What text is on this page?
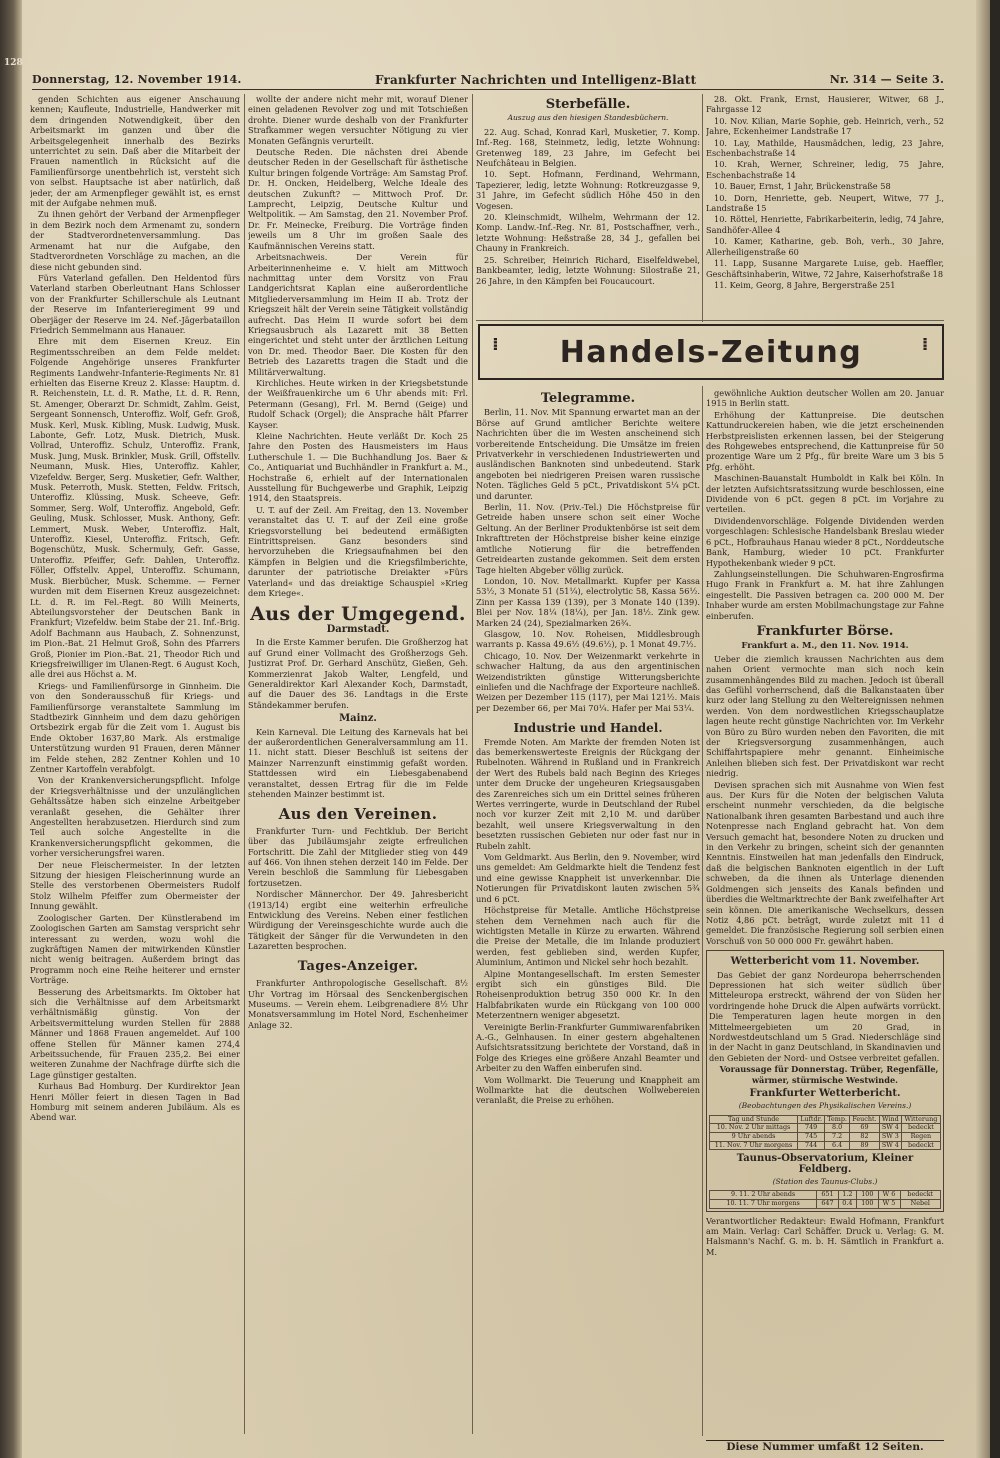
128
Donnerstag, 12. November 1914.	Frankfurter Nachrichten und Intelligenz-Blatt	Nr. 314 — Seite 3.

genden Schichten aus eigener Anschauung kennen; Kaufleute, Industrielle, Handwerker mit dem dringenden Notwendigkeit, über den Arbeitsmarkt im ganzen und über die Arbeitsgelegenheit innerhalb des Bezirks unterrichtet zu sein. Daß aber die Mitarbeit der Frauen namentlich in Rücksicht auf die Familienfürsorge unentbehrlich ist, versteht sich von selbst. Hauptsache ist aber natürlich, daß jeder, der am Armenpfleger gewählt ist, es ernst mit der Aufgabe nehmen muß.

Zu ihnen gehört der Verband der Armenpfleger in dem Bezirk noch dem Armenamt zu, sondern der Stadtverordnetenversammlung. Das Armenamt hat nur die Aufgabe, den Stadtverordneten Vorschläge zu machen, an die diese nicht gebunden sind.

Fürs Vaterland gefallen. Den Heldentod fürs Vaterland starben Oberleutnant Hans Schlosser von der Frankfurter Schillerschule als Leutnant der Reserve im Infanterieregiment 99 und Oberjäger der Reserve im 24. Nef.-Jägerbataillon Friedrich Semmelmann aus Hanauer.

Ehre mit dem Eisernen Kreuz. Ein Regimentsschreiben an dem Felde meldet: Folgende Angehörige unseres Frankfurter Regiments Landwehr-Infanterie-Regiments Nr. 81 erhielten das Eiserne Kreuz 2. Klasse: Hauptm. d. R. Reichenstein, Lt. d. R. Mathe, Lt. d. R. Renn, St. Amenger, Oberarzt Dr. Schmidt, Zahlm. Geist, Sergeant Sonnensch, Unteroffiz. Wolf, Gefr. Groß, Musk. Kerl, Musk. Kibling, Musk. Ludwig, Musk. Labonte, Gefr. Lotz, Musk. Dietrich, Musk. Vollrad, Unteroffiz. Schulz, Unteroffiz. Frank, Musk. Jung, Musk. Brinkler, Musk. Grill, Offstellv. Neumann, Musk. Hies, Unteroffiz. Kahler, Vizefeldw. Berger, Serg. Musketier, Gefr. Walther, Musk. Peterroth, Musk. Stetten, Feldw. Fritsch, Unteroffiz. Klüssing, Musk. Scheeve, Gefr. Sommer, Serg. Wolf, Unteroffiz. Angebold, Gefr. Geuling, Musk. Schlosser, Musk. Anthony, Gefr. Lemmert, Musk. Weber, Unteroffiz. Halt, Unteroffiz. Kiesel, Unteroffiz. Fritsch, Gefr. Bogenschütz, Musk. Schermuly, Gefr. Gasse, Unteroffiz. Pfeiffer, Gefr. Dahlen, Unteroffiz. Föller, Offstellv. Appel, Unteroffiz. Schumann, Musk. Bierbücher, Musk. Schemme. — Ferner wurden mit dem Eisernen Kreuz ausgezeichnet: Lt. d. R. im Fel.-Regt. 80 Willi Meinerts, Abteilungsvorsteher der Deutschen Bank in Frankfurt; Vizefeldw. beim Stabe der 21. Inf.-Brig. Adolf Bachmann aus Haubach, Z. Sohnenzunst, im Pion.-Bat. 21 Helmut Groß, Sohn des Pfarrers Groß, Pionier im Pion.-Bat. 21, Theodor Rich und Kriegsfreiwilliger im Ulanen-Regt. 6 August Koch, alle drei aus Höchst a. M.

Kriegs- und Familienfürsorge in Ginnheim. Die von den Sonderausschuß für Kriegs- und Familienfürsorge veranstaltete Sammlung im Stadtbezirk Ginnheim und dem dazu gehörigen Ortsbezirk ergab für die Zeit vom 1. August bis Ende Oktober 1637,80 Mark. Als erstmalige Unterstützung wurden 91 Frauen, deren Männer im Felde stehen, 282 Zentner Kohlen und 10 Zentner Kartoffeln verabfolgt.

Von der Krankenversicherungspflicht. Infolge der Kriegsverhältnisse und der unzulänglichen Gehältssätze haben sich einzelne Arbeitgeber veranlaßt gesehen, die Gehälter ihrer Angestellten herabzusetzen. Hierdurch sind zum Teil auch solche Angestellte in die Krankenversicherungspflicht gekommen, die vorher versicherungsfrei waren.

Der neue Fleischermeister. In der letzten Sitzung der hiesigen Fleischerinnung wurde an Stelle des verstorbenen Obermeisters Rudolf Stolz Wilhelm Pfeiffer zum Obermeister der Innung gewählt.

Zoologischer Garten. Der Künstlerabend im Zoologischen Garten am Samstag verspricht sehr interessant zu werden, wozu wohl die zugkräftigen Namen der mitwirkenden Künstler nicht wenig beitragen. Außerdem bringt das Programm noch eine Reihe heiterer und ernster Vorträge.

Besserung des Arbeitsmarkts. Im Oktober hat sich die Verhältnisse auf dem Arbeitsmarkt verhältnismäßig günstig. Von der Arbeitsvermittelung wurden Stellen für 2888 Männer und 1868 Frauen angemeldet. Auf 100 offene Stellen für Männer kamen 274,4 Arbeitssuchende, für Frauen 235,2. Bei einer weiteren Zunahme der Nachfrage dürfte sich die Lage günstiger gestalten.

Kurhaus Bad Homburg. Der Kurdirektor Jean Henri Möller feiert in diesen Tagen in Bad Homburg mit seinem anderen Jubiläum. Als es Abend war.

wollte der andere nicht mehr mit, worauf Diener einen geladenen Revolver zog und mit Totschießen drohte. Diener wurde deshalb von der Frankfurter Strafkammer wegen versuchter Nötigung zu vier Monaten Gefängnis verurteilt.

Deutsche Reden. Die nächsten drei Abende deutscher Reden in der Gesellschaft für ästhetische Kultur bringen folgende Vorträge: Am Samstag Prof. Dr. H. Oncken, Heidelberg, Welche Ideale des deutschen Zukunft? — Mittwoch Prof. Dr. Lamprecht, Leipzig, Deutsche Kultur und Weltpolitik. — Am Samstag, den 21. November Prof. Dr. Fr. Meinecke, Freiburg. Die Vorträge finden jeweils um 8 Uhr im großen Saale des Kaufmännischen Vereins statt.

Arbeitsnachweis. Der Verein für Arbeiterinnenheime e. V. hielt am Mittwoch nachmittag unter dem Vorsitz von Frau Landgerichtsrat Kaplan eine außerordentliche Mitgliederversammlung im Heim II ab. Trotz der Kriegszeit hält der Verein seine Tätigkeit vollständig aufrecht. Das Heim II wurde sofort bei dem Kriegsausbruch als Lazarett mit 38 Betten eingerichtet und steht unter der ärztlichen Leitung von Dr. med. Theodor Baer. Die Kosten für den Betrieb des Lazaretts tragen die Stadt und die Militärverwaltung.

Kirchliches. Heute wirken in der Kriegsbetstunde der Weißfrauenkirche um 6 Uhr abends mit: Frl. Petermann (Gesang), Frl. M. Bernd (Geige) und Rudolf Schack (Orgel); die Ansprache hält Pfarrer Kayser.

Kleine Nachrichten. Heute verläßt Dr. Koch 25 Jahre den Posten des Hausmeisters im Haus Lutherschule 1. — Die Buchhandlung Jos. Baer & Co., Antiquariat und Buchhändler in Frankfurt a. M., Hochstraße 6, erhielt auf der Internationalen Ausstellung für Buchgewerbe und Graphik, Leipzig 1914, den Staatspreis.

U. T. auf der Zeil. Am Freitag, den 13. November veranstaltet das U. T. auf der Zeil eine große Kriegsvorstellung bei bedeutend ermäßigten Eintrittspreisen. Ganz besonders sind hervorzuheben die Kriegsaufnahmen bei den Kämpfen in Belgien und die Kriegsfilmberichte, darunter der patriotische Dreiakter »Fürs Vaterland« und das dreiaktige Schauspiel »Krieg dem Kriege«.

Aus der Umgegend.
Darmstadt.

In die Erste Kammer berufen. Die Großherzog hat auf Grund einer Vollmacht des Großherzogs Geh. Justizrat Prof. Dr. Gerhard Anschütz, Gießen, Geh. Kommerzienrat Jakob Walter, Lengfeld, und Generaldirektor Karl Alexander Koch, Darmstadt, auf die Dauer des 36. Landtags in die Erste Ständekammer berufen.

Mainz.

Kein Karneval. Die Leitung des Karnevals hat bei der außerordentlichen Generalversammlung am 11. 11. nicht statt. Dieser Beschluß ist seitens der Mainzer Narrenzunft einstimmig gefaßt worden. Stattdessen wird ein Liebesgabenabend veranstaltet, dessen Ertrag für die im Felde stehenden Mainzer bestimmt ist.

Aus den Vereinen.

Frankfurter Turn- und Fechtklub. Der Bericht über das Jubiläumsjahr zeigte erfreulichen Fortschritt. Die Zahl der Mitglieder stieg von 449 auf 466. Von ihnen stehen derzeit 140 im Felde. Der Verein beschloß die Sammlung für Liebesgaben fortzusetzen.

Nordischer Männerchor. Der 49. Jahresbericht (1913/14) ergibt eine weiterhin erfreuliche Entwicklung des Vereins. Neben einer festlichen Würdigung der Vereinsgeschichte wurde auch die Tätigkeit der Sänger für die Verwundeten in den Lazaretten besprochen.

Tages-Anzeiger.

Frankfurter Anthropologische Gesellschaft. 8½ Uhr Vortrag im Hörsaal des Senckenbergischen Museums. — Verein ehem. Leibgrenadiere 8½ Uhr Monatsversammlung im Hotel Nord, Eschenheimer Anlage 32.

Sterbefälle.
Auszug aus den hiesigen Standesbüchern.

22. Aug. Schad, Konrad Karl, Musketier, 7. Komp. Inf.-Reg. 168, Steinmetz, ledig, letzte Wohnung: Gretenweg 189, 23 Jahre, im Gefecht bei Neufchâteau in Belgien.

10. Sept. Hofmann, Ferdinand, Wehrmann, Tapezierer, ledig, letzte Wohnung: Rotkreuzgasse 9, 31 Jahre, im Gefecht südlich Höhe 450 in den Vogesen.

20. Kleinschmidt, Wilhelm, Wehrmann der 12. Komp. Landw.-Inf.-Reg. Nr. 81, Postschaffner, verh., letzte Wohnung: Heßstraße 28, 34 J., gefallen bei Chauny in Frankreich.

25. Schreiber, Heinrich Richard, Eiselfeldwebel, Bankbeamter, ledig, letzte Wohnung: Silostraße 21, 26 Jahre, in den Kämpfen bei Foucaucourt.

28. Okt. Frank, Ernst, Hausierer, Witwer, 68 J., Fahrgasse 12

10. Nov. Kilian, Marie Sophie, geb. Heinrich, verh., 52 Jahre, Eckenheimer Landstraße 17

10. Lay, Mathilde, Hausmädchen, ledig, 23 Jahre, Eschenbachstraße 14

10. Krah, Werner, Schreiner, ledig, 75 Jahre, Eschenbachstraße 14

10. Bauer, Ernst, 1 Jahr, Brückenstraße 58

10. Dorn, Henriette, geb. Neupert, Witwe, 77 J., Landstraße 15

10. Röttel, Henriette, Fabrikarbeiterin, ledig, 74 Jahre, Sandhöfer-Allee 4

10. Kamer, Katharine, geb. Boh, verh., 30 Jahre, Allerheiligenstraße 60

11. Lapp, Susanne Margarete Luise, geb. Haeffler, Geschäftsinhaberin, Witwe, 72 Jahre, Kaiserhofstraße 18

11. Keim, Georg, 8 Jahre, Bergerstraße 251

⁞ Handels-Zeitung	⁞
Telegramme.

Berlin, 11. Nov. Mit Spannung erwartet man an der Börse auf Grund amtlicher Berichte weitere Nachrichten über die im Westen anscheinend sich vorbereitende Entscheidung. Die Umsätze im freien Privatverkehr in verschiedenen Industriewerten und ausländischen Banknoten sind unbedeutend. Stark angeboten bei niedrigeren Preisen waren russische Noten. Tägliches Geld 5 pCt., Privatdiskont 5¼ pCt. und darunter.

Berlin, 11. Nov. (Priv.-Tel.) Die Höchstpreise für Getreide haben unsere schon seit einer Woche Geltung. An der Berliner Produktenbörse ist seit dem Inkrafttreten der Höchstpreise bisher keine einzige amtliche Notierung für die betreffenden Getreidearten zustande gekommen. Seit dem ersten Tage hielten Abgeber völlig zurück.

London, 10. Nov. Metallmarkt. Kupfer per Kassa 53½, 3 Monate 51 (51¼), electrolytic 58, Kassa 56½. Zinn per Kassa 139 (139), per 3 Monate 140 (139). Blei per Nov. 18¼ (18¼), per Jan. 18½. Zink gew. Marken 24 (24), Spezialmarken 26¾.

Glasgow, 10. Nov. Roheisen, Middlesbrough warrants p. Kassa 49.6½ (49.6½), p. 1 Monat 49.7½.

Chicago, 10. Nov. Der Weizenmarkt verkehrte in schwacher Haltung, da aus den argentinischen Weizendistrikten günstige Witterungsberichte einliefen und die Nachfrage der Exporteure nachließ. Weizen per Dezember 115 (117), per Mai 121½. Mais per Dezember 66, per Mai 70¼. Hafer per Mai 53¼.

Industrie und Handel.

Fremde Noten. Am Markte der fremden Noten ist das bemerkenswerteste Ereignis der Rückgang der Rubelnoten. Während in Rußland und in Frankreich der Wert des Rubels bald nach Beginn des Krieges unter dem Drucke der ungeheuren Kriegsausgaben des Zarenreiches sich um ein Drittel seines früheren Wertes verringerte, wurde in Deutschland der Rubel noch vor kurzer Zeit mit 2,10 M. und darüber bezahlt, weil unsere Kriegsverwaltung in den besetzten russischen Gebieten nur oder fast nur in Rubeln zahlt.

Vom Geldmarkt. Aus Berlin, den 9. November, wird uns gemeldet: Am Geldmarkte hielt die Tendenz fest und eine gewisse Knappheit ist unverkennbar. Die Notierungen für Privatdiskont lauten zwischen 5¾ und 6 pCt.

Höchstpreise für Metalle. Amtliche Höchstpreise stehen dem Vernehmen nach auch für die wichtigsten Metalle in Kürze zu erwarten. Während die Preise der Metalle, die im Inlande produziert werden, fest geblieben sind, werden Kupfer, Aluminium, Antimon und Nickel sehr hoch bezahlt.

Alpine Montangesellschaft. Im ersten Semester ergibt sich ein günstiges Bild. Die Roheisenproduktion betrug 350 000 Kr. In den Halbfabrikaten wurde ein Rückgang von 100 000 Meterzentnern weniger abgesetzt.

Vereinigte Berlin-Frankfurter Gummiwarenfabriken A.-G., Gelnhausen. In einer gestern abgehaltenen Aufsichtsratssitzung berichtete der Vorstand, daß in Folge des Krieges eine größere Anzahl Beamter und Arbeiter zu den Waffen einberufen sind.

Vom Wollmarkt. Die Teuerung und Knappheit am Wollmarkte hat die deutschen Wollwebereien veranlaßt, die Preise zu erhöhen.

gewöhnliche Auktion deutscher Wollen am 20. Januar 1915 in Berlin statt.

Erhöhung der Kattunpreise. Die deutschen Kattundruckereien haben, wie die jetzt erscheinenden Herbstpreislisten erkennen lassen, bei der Steigerung des Rohgewebes entsprechend, die Kattunpreise für 50 prozentige Ware um 2 Pfg., für breite Ware um 3 bis 5 Pfg. erhöht.

Maschinen-Bauanstalt Humboldt in Kalk bei Köln. In der letzten Aufsichtsratssitzung wurde beschlossen, eine Dividende von 6 pCt. gegen 8 pCt. im Vorjahre zu verteilen.

Dividendenvorschläge. Folgende Dividenden werden vorgeschlagen: Schlesische Handelsbank Breslau wieder 6 pCt., Hofbrauhaus Hanau wieder 8 pCt., Norddeutsche Bank, Hamburg, wieder 10 pCt. Frankfurter Hypothekenbank wieder 9 pCt.

Zahlungseinstellungen. Die Schuhwaren-Engrosfirma Hugo Frank in Frankfurt a. M. hat ihre Zahlungen eingestellt. Die Passiven betragen ca. 200 000 M. Der Inhaber wurde am ersten Mobilmachungstage zur Fahne einberufen.

Frankfurter Börse.
Frankfurt a. M., den 11. Nov. 1914.

Ueber die ziemlich kraussen Nachrichten aus dem nahen Orient vermochte man sich noch kein zusammenhängendes Bild zu machen. Jedoch ist überall das Gefühl vorherrschend, daß die Balkanstaaten über kurz oder lang Stellung zu den Weltereignissen nehmen werden. Von dem nordwestlichen Kriegsschauplatze lagen heute recht günstige Nachrichten vor. Im Verkehr von Büro zu Büro wurden neben den Favoriten, die mit der Kriegsversorgung zusammenhängen, auch Schiffahrtspapiere mehr genannt. Einheimische Anleihen blieben sich fest. Der Privatdiskont war recht niedrig.

Devisen sprachen sich mit Ausnahme von Wien fest aus. Der Kurs für die Noten der belgischen Valuta erscheint nunmehr verschieden, da die belgische Nationalbank ihren gesamten Barbestand und auch ihre Notenpresse nach England gebracht hat. Von dem Versuch gemacht hat, besondere Noten zu drucken und in den Verkehr zu bringen, scheint sich der genannten Kenntnis. Einstweilen hat man jedenfalls den Eindruck, daß die belgischen Banknoten eigentlich in der Luft schweben, da die ihnen als Unterlage dienenden Goldmengen sich jenseits des Kanals befinden und überdies die Weltmarktrechte der Bank zweifelhafter Art sein können. Die amerikanische Wechselkurs, dessen Notiz 4,86 pCt. beträgt, wurde zuletzt mit 11 d gemeldet. Die französische Regierung soll serbien einen Vorschuß von 50 000 000 Fr. gewährt haben.

Wetterbericht vom 11. November.

Das Gebiet der ganz Nordeuropa beherrschenden Depressionen hat sich weiter südlich über Mitteleuropa erstreckt, während der von Süden her vordringende hohe Druck die Alpen aufwärts vorrückt. Die Temperaturen lagen heute morgen in den Mittelmeergebieten um 20 Grad, in Nordwestdeutschland um 5 Grad. Niederschläge sind in der Nacht in ganz Deutschland, in Skandinavien und den Gebieten der Nord- und Ostsee verbreitet gefallen.

Voraussage für Donnerstag. Trüber, Regenfälle, wärmer, stürmische Westwinde.

Frankfurter Wetterbericht.
(Beobachtungen des Physikalischen Vereins.)
Tag und Stunde	Luftdr.	Temp.	Feucht.	Wind	Witterung
10. Nov. 2 Uhr mittags	749	8.0	69	SW 4	bedeckt
9 Uhr abends	745	7.2	82	SW 3	Regen
11. Nov. 7 Uhr morgens	744	6.4	89	SW 4	bedeckt
Taunus-Observatorium, Kleiner Feldberg.
(Station des Taunus-Clubs.)
9. 11. 2 Uhr abends	651	1.2	100	W 6	bedeckt
10. 11. 7 Uhr morgens	647	0.4	100	W 5	Nebel

Verantwortlicher Redakteur: Ewald Hofmann, Frankfurt am Main. Verlag: Carl Schäffer. Druck u. Verlag: G. M. Halsmann's Nachf. G. m. b. H. Sämtlich in Frankfurt a. M.

Diese Nummer umfaßt 12 Seiten.
